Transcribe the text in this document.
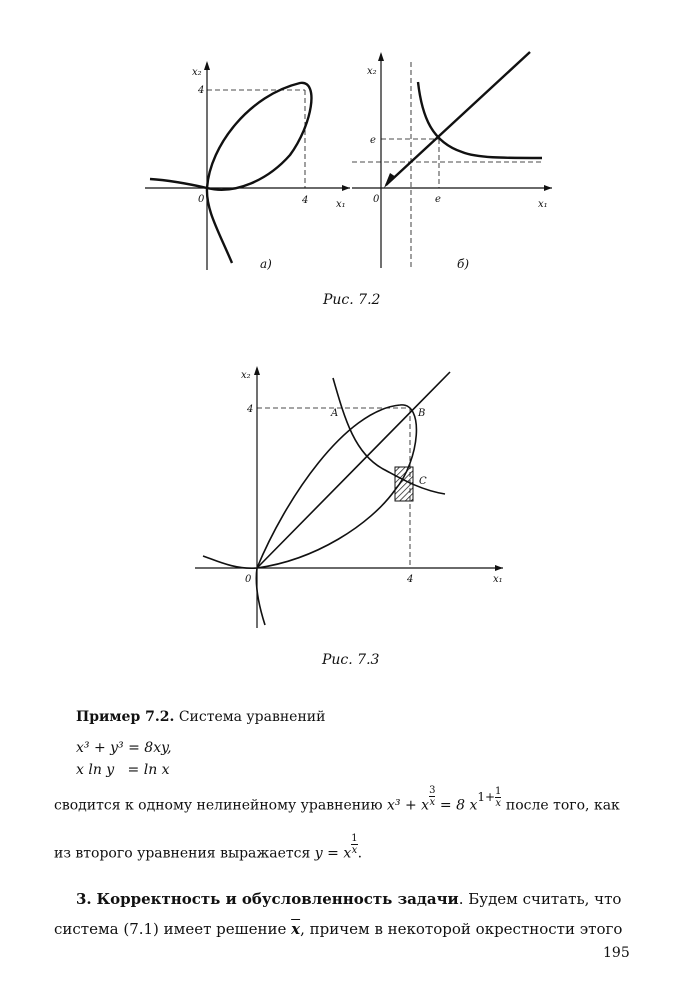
x₂
x₁
0	4
4
а)
x₂
x₁
0	e
e
б)
Рис. 7.2
x₂
x₁
0	4
4	A	B
C
Рис. 7.3
Пример 7.2. Система уравнений
x³ + y³ = 8xy,
x ln y   = ln x
сводится к одному нелинейному уравнению x³ + x $\frac{3}{x} = 8$ $x1+ \frac{1}{x}$ после того, как
из второго уравнения выражается y = x $\frac{1}{x}$ .
3. Корректность и обусловленность задачи. Будем считать, что
система (7.1) имеет решение $\overline{x}$, причем в некоторой окрестности этого
195
